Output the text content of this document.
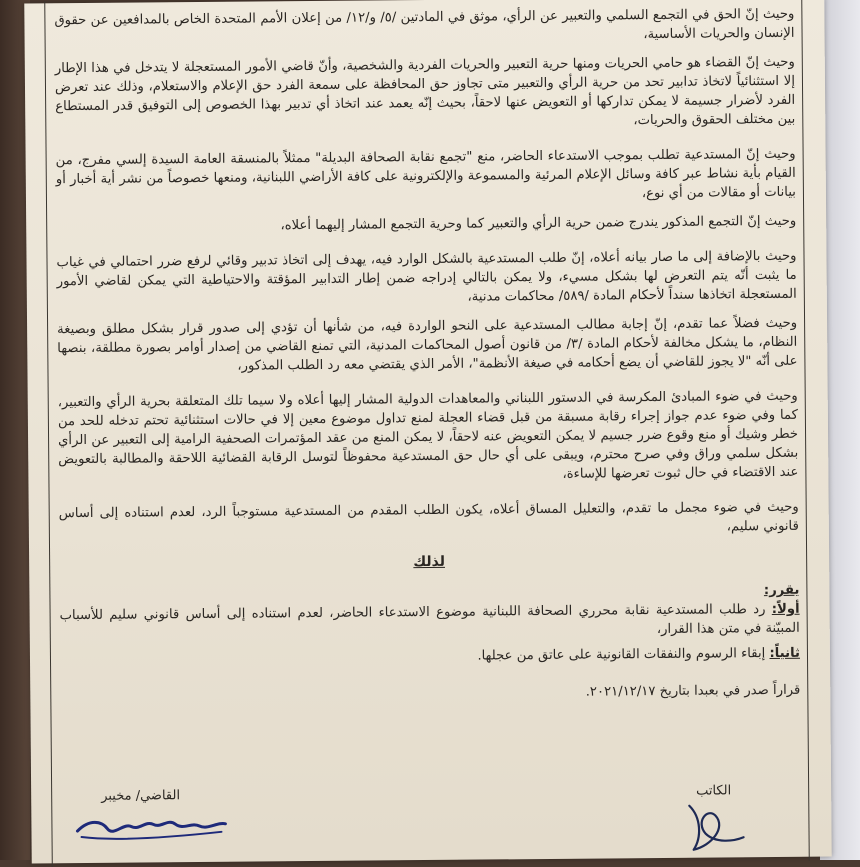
وحيث إنّ الحق في التجمع السلمي والتعبير عن الرأي، موثق في المادتين /٥/ و/١٢/ من إعلان الأمم المتحدة الخاص بالمدافعين عن حقوق الإنسان والحريات الأساسية،

وحيث إنّ القضاء هو حامي الحريات ومنها حرية التعبير والحريات الفردية والشخصية، وأنّ قاضي الأمور المستعجلة لا يتدخل في هذا الإطار إلا استثنائياً لاتخاذ تدابير تحد من حرية الرأي والتعبير متى تجاوز حق المحافظة على سمعة الفرد حق الإعلام والاستعلام، وذلك عند تعرض الفرد لأضرار جسيمة لا يمكن تداركها أو التعويض عنها لاحقاً، بحيث إنّه يعمد عند اتخاذ أي تدبير بهذا الخصوص إلى التوفيق قدر المستطاع بين مختلف الحقوق والحريات،

وحيث إنّ المستدعية تطلب بموجب الاستدعاء الحاضر، منع "تجمع نقابة الصحافة البديلة" ممثلاً بالمنسقة العامة السيدة إلسي مفرج، من القيام بأية نشاط عبر كافة وسائل الإعلام المرئية والمسموعة والإلكترونية على كافة الأراضي اللبنانية، ومنعها خصوصاً من نشر أية أخبار أو بيانات أو مقالات من أي نوع،

وحيث إنّ التجمع المذكور يندرج ضمن حرية الرأي والتعبير كما وحرية التجمع المشار إليهما أعلاه،

وحيث بالإضافة إلى ما صار بيانه أعلاه، إنّ طلب المستدعية بالشكل الوارد فيه، يهدف إلى اتخاذ تدبير وقائي لرفع ضرر احتمالي في غياب ما يثبت أنّه يتم التعرض لها بشكل مسيء، ولا يمكن بالتالي إدراجه ضمن إطار التدابير المؤقتة والاحتياطية التي يمكن لقاضي الأمور المستعجلة اتخاذها سنداً لأحكام المادة /٥٨٩/ محاكمات مدنية،

وحيث فضلاً عما تقدم، إنّ إجابة مطالب المستدعية على النحو الواردة فيه، من شأنها أن تؤدي إلى صدور قرار بشكل مطلق وبصيغة النظام، ما يشكل مخالفة لأحكام المادة /٣/ من قانون أصول المحاكمات المدنية، التي تمنع القاضي من إصدار أوامر بصورة مطلقة، بنصها على أنّه "لا يجوز للقاضي أن يضع أحكامه في صيغة الأنظمة"، الأمر الذي يقتضي معه رد الطلب المذكور،

وحيث في ضوء المبادئ المكرسة في الدستور اللبناني والمعاهدات الدولية المشار إليها أعلاه ولا سيما تلك المتعلقة بحرية الرأي والتعبير، كما وفي ضوء عدم جواز إجراء رقابة مسبقة من قبل قضاء العجلة لمنع تداول موضوع معين إلا في حالات استثنائية تحتم تدخله للحد من خطر وشيك أو منع وقوع ضرر جسيم لا يمكن التعويض عنه لاحقاً، لا يمكن المنع من عقد المؤتمرات الصحفية الرامية إلى التعبير عن الرأي بشكل سلمي وراق وفي صرح محترم، ويبقى على أي حال حق المستدعية محفوظاً لتوسل الرقابة القضائية اللاحقة والمطالبة بالتعويض عند الاقتضاء في حال ثبوت تعرضها للإساءة،

وحيث في ضوء مجمل ما تقدم، والتعليل المساق أعلاه، يكون الطلب المقدم من المستدعية مستوجباً الرد، لعدم استناده إلى أساس قانوني سليم،

لذلك

يقرر:

أولاً: رد طلب المستدعية نقابة محرري الصحافة اللبنانية موضوع الاستدعاء الحاضر، لعدم استناده إلى أساس قانوني سليم للأسباب المبيّنة في متن هذا القرار،

ثانياً: إبقاء الرسوم والنفقات القانونية على عاتق من عجلها.

قراراً صدر في بعبدا بتاريخ ٢٠٢١/١٢/١٧.

الكاتب
القاضي/ مخيبر
